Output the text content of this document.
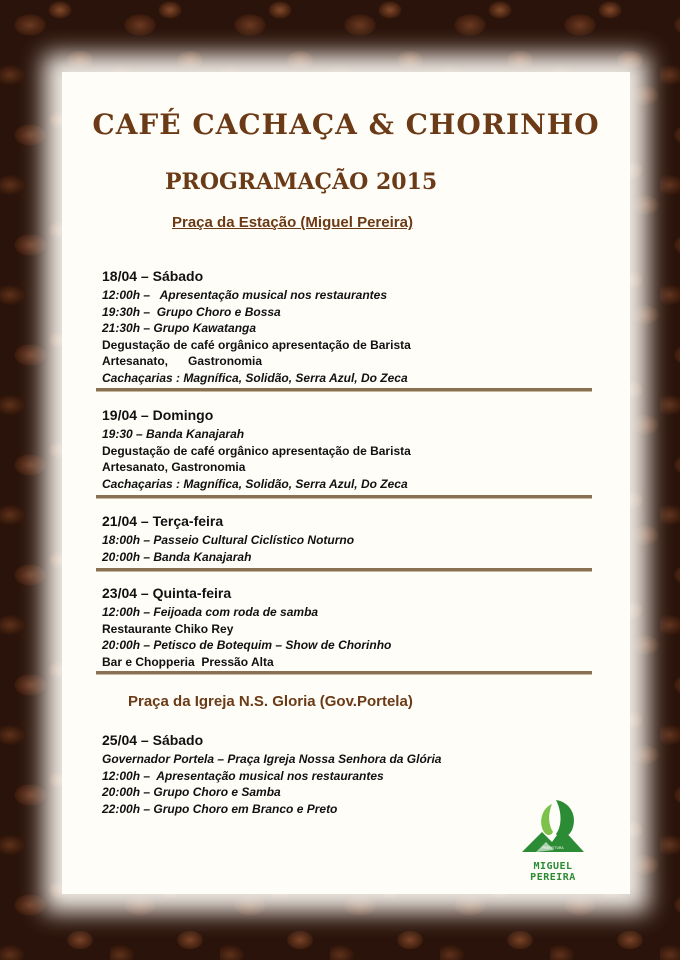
CAFÉ CACHAÇA & CHORINHO
PROGRAMAÇÃO 2015
Praça da Estação (Miguel Pereira)
18/04 – Sábado
12:00h –   Apresentação musical nos restaurantes
19:30h –  Grupo Choro e Bossa
21:30h – Grupo Kawatanga
Degustação de café orgânico apresentação de Barista
Artesanato,      Gastronomia
Cachaçarias : Magnífica, Solidão, Serra Azul, Do Zeca
19/04 – Domingo
19:30 – Banda Kanajarah
Degustação de café orgânico apresentação de Barista
Artesanato, Gastronomia
Cachaçarias : Magnífica, Solidão, Serra Azul, Do Zeca
21/04 – Terça-feira
18:00h – Passeio Cultural Ciclístico Noturno
20:00h – Banda Kanajarah
23/04 – Quinta-feira
12:00h – Feijoada com roda de samba
Restaurante Chiko Rey
20:00h – Petisco de Botequim – Show de Chorinho
Bar e Chopperia  Pressão Alta
Praça da Igreja N.S. Gloria (Gov.Portela)
25/04 – Sábado
Governador Portela – Praça Igreja Nossa Senhora da Glória
12:00h –  Apresentação musical nos restaurantes
20:00h – Grupo Choro e Samba
22:00h – Grupo Choro em Branco e Preto
PREFEITURA
MIGUEL PEREIRA
